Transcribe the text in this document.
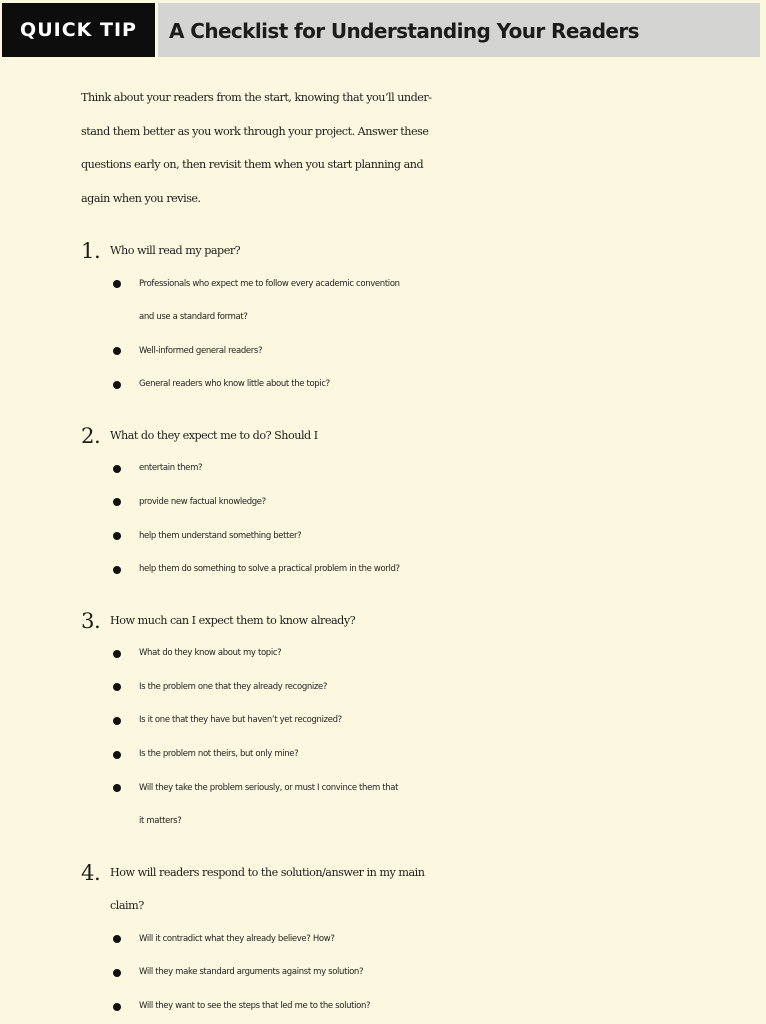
QUICK TIP	A Checklist for Understanding Your Readers

Think about your readers from the start, knowing that you’ll under-
stand them better as you work through your project. Answer these
questions early on, then revisit them when you start planning and
again when you revise.

1. Who will read my paper?
Professionals who expect me to follow every academic convention
and use a standard format?
Well-informed general readers?
General readers who know little about the topic?
2. What do they expect me to do? Should I
entertain them?
provide new factual knowledge?
help them understand something better?
help them do something to solve a practical problem in the world?
3. How much can I expect them to know already?
What do they know about my topic?
Is the problem one that they already recognize?
Is it one that they have but haven’t yet recognized?
Is the problem not theirs, but only mine?
Will they take the problem seriously, or must I convince them that
it matters?
4. How will readers respond to the solution/answer in my main
claim?
Will it contradict what they already believe? How?
Will they make standard arguments against my solution?
Will they want to see the steps that led me to the solution?
